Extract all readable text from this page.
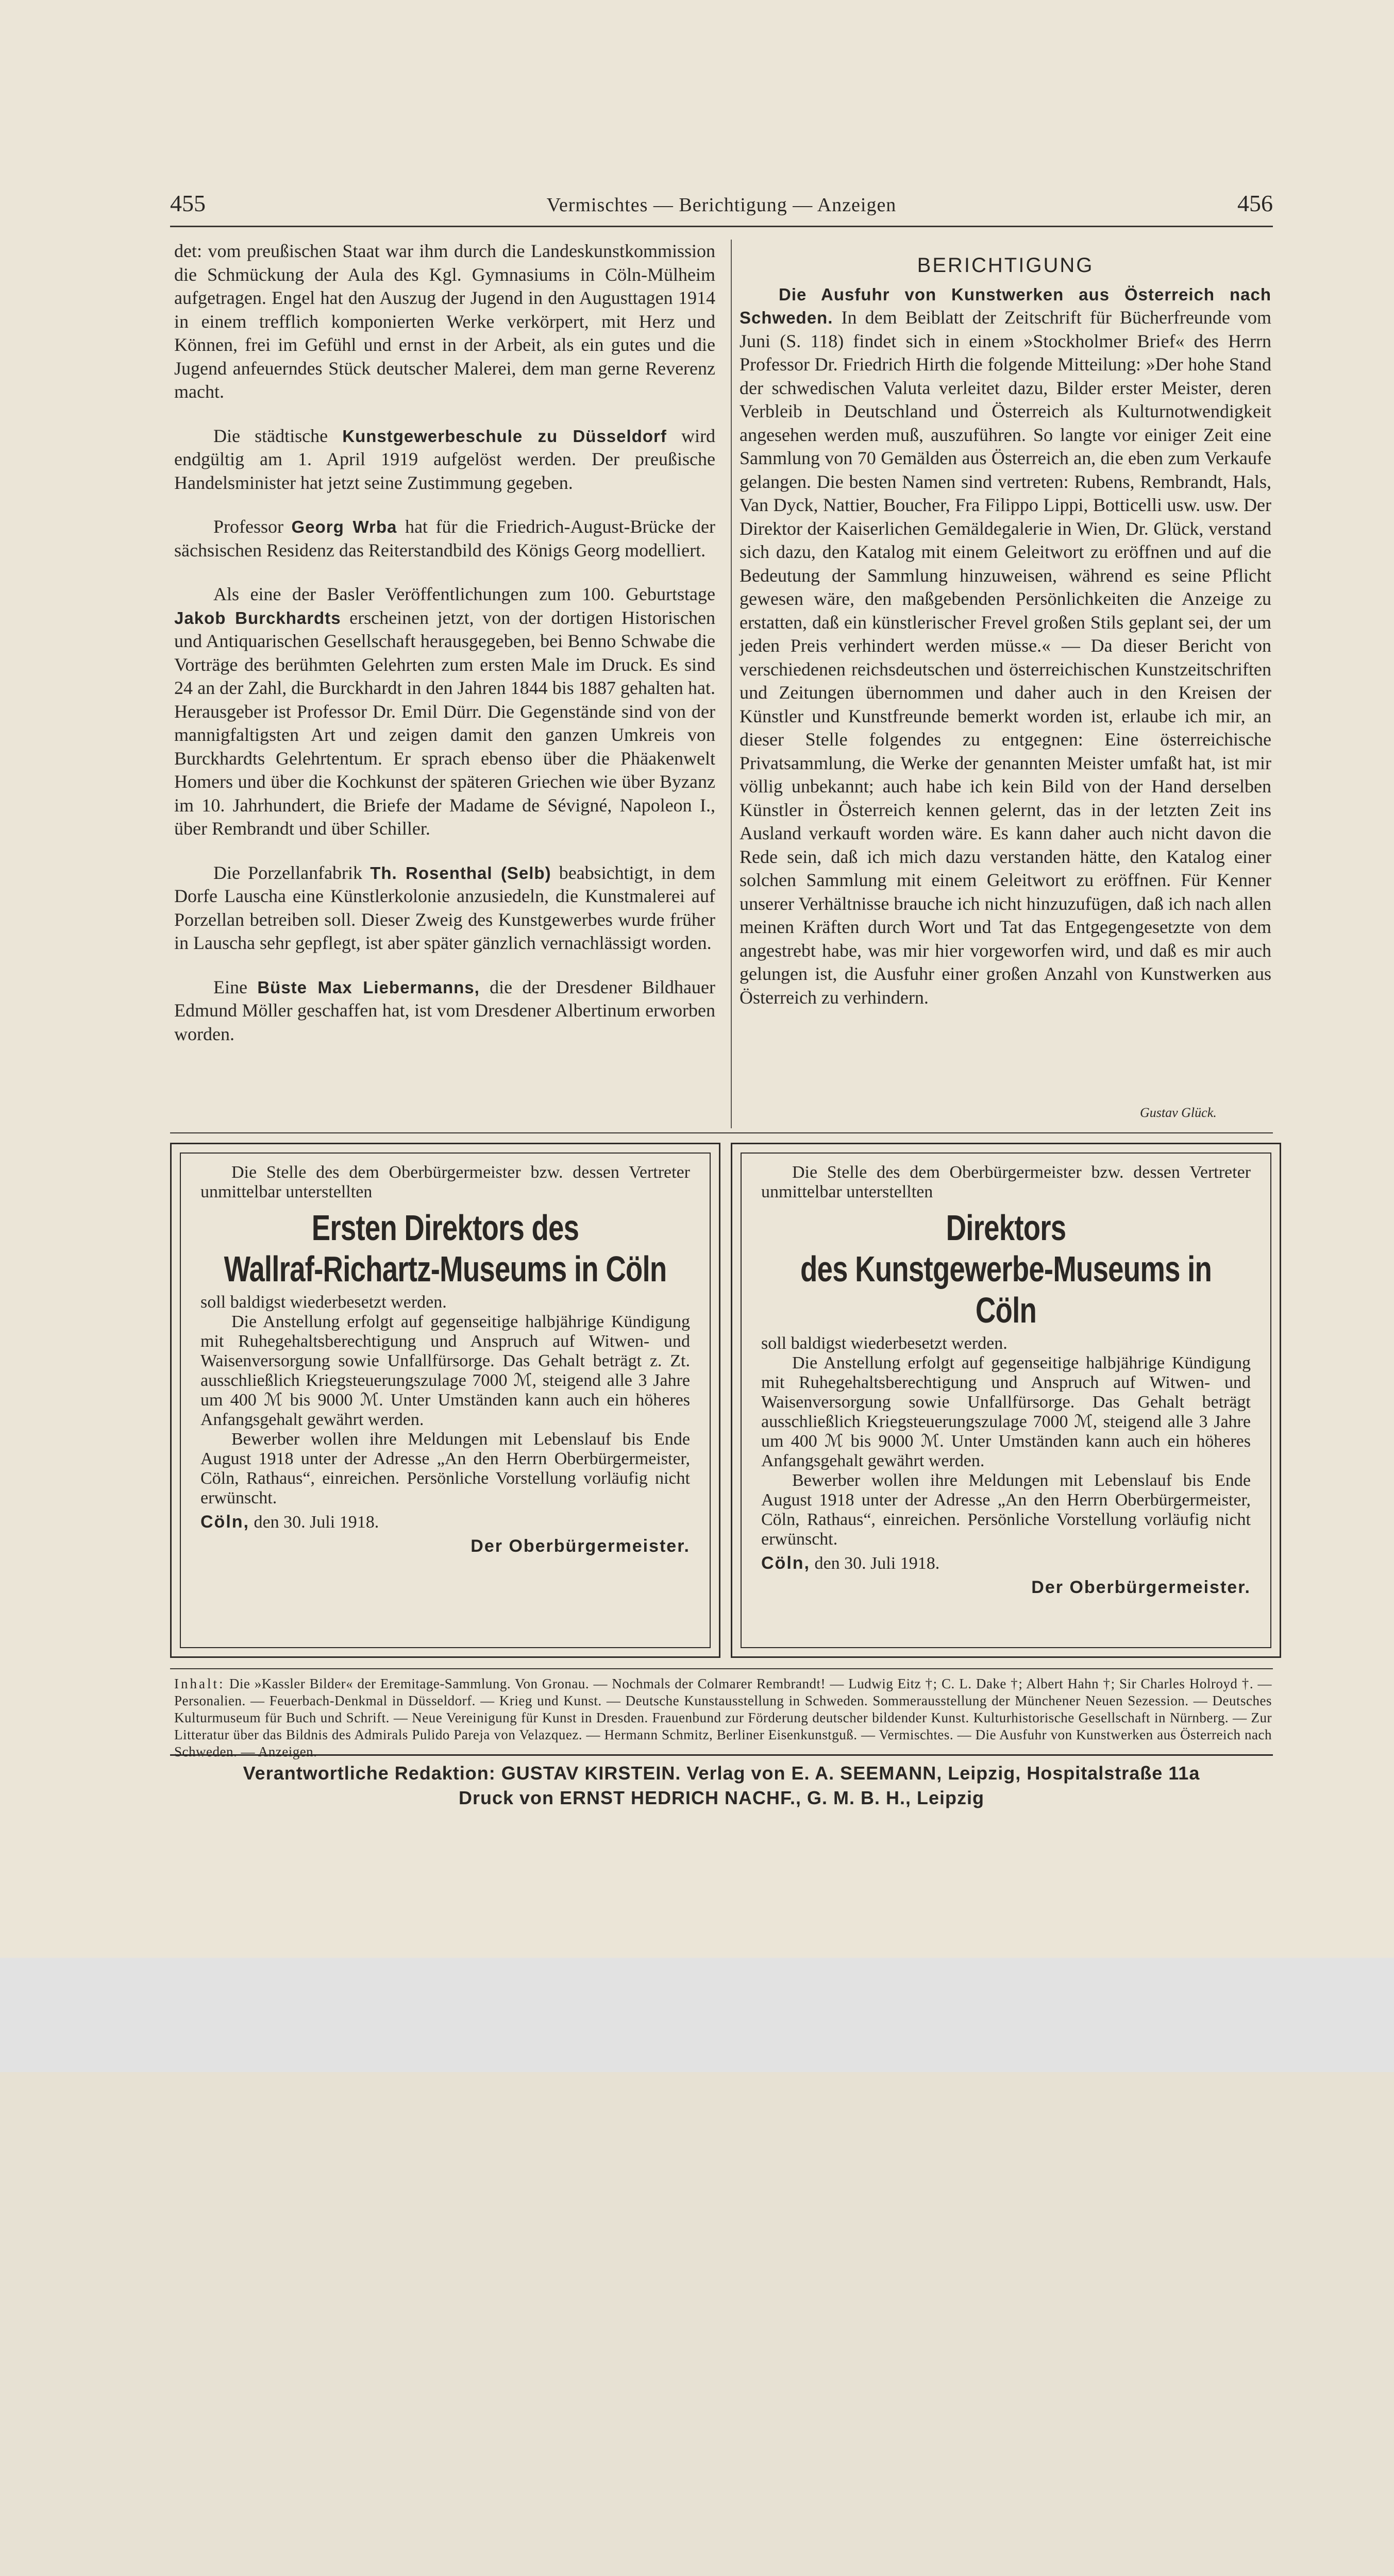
455	Vermischtes — Berichtigung — Anzeigen	456

det: vom preußischen Staat war ihm durch die Landeskunstkommission die Schmückung der Aula des Kgl. Gymnasiums in Cöln-Mülheim aufgetragen. Engel hat den Auszug der Jugend in den Augusttagen 1914 in einem trefflich komponierten Werke verkörpert, mit Herz und Können, frei im Gefühl und ernst in der Arbeit, als ein gutes und die Jugend anfeuerndes Stück deutscher Malerei, dem man gerne Reverenz macht.

Die städtische Kunstgewerbeschule zu Düsseldorf wird endgültig am 1. April 1919 aufgelöst werden. Der preußische Handelsminister hat jetzt seine Zustimmung gegeben.

Professor Georg Wrba hat für die Friedrich-August-Brücke der sächsischen Residenz das Reiterstandbild des Königs Georg modelliert.

Als eine der Basler Veröffentlichungen zum 100. Geburtstage Jakob Burckhardts erscheinen jetzt, von der dortigen Historischen und Antiquarischen Gesellschaft herausgegeben, bei Benno Schwabe die Vorträge des berühmten Gelehrten zum ersten Male im Druck. Es sind 24 an der Zahl, die Burckhardt in den Jahren 1844 bis 1887 gehalten hat. Herausgeber ist Professor Dr. Emil Dürr. Die Gegenstände sind von der mannigfaltigsten Art und zeigen damit den ganzen Umkreis von Burckhardts Gelehrtentum. Er sprach ebenso über die Phäakenwelt Homers und über die Kochkunst der späteren Griechen wie über Byzanz im 10. Jahrhundert, die Briefe der Madame de Sévigné, Napoleon I., über Rembrandt und über Schiller.

Die Porzellanfabrik Th. Rosenthal (Selb) beabsichtigt, in dem Dorfe Lauscha eine Künstlerkolonie anzusiedeln, die Kunstmalerei auf Porzellan betreiben soll. Dieser Zweig des Kunstgewerbes wurde früher in Lauscha sehr gepflegt, ist aber später gänzlich vernachlässigt worden.

Eine Büste Max Liebermanns, die der Dresdener Bildhauer Edmund Möller geschaffen hat, ist vom Dresdener Albertinum erworben worden.

BERICHTIGUNG

Die Ausfuhr von Kunstwerken aus Österreich nach Schweden. In dem Beiblatt der Zeitschrift für Bücherfreunde vom Juni (S. 118) findet sich in einem »Stockholmer Brief« des Herrn Professor Dr. Friedrich Hirth die folgende Mitteilung: »Der hohe Stand der schwedischen Valuta verleitet dazu, Bilder erster Meister, deren Verbleib in Deutschland und Österreich als Kulturnotwendigkeit angesehen werden muß, auszuführen. So langte vor einiger Zeit eine Sammlung von 70 Gemälden aus Österreich an, die eben zum Verkaufe gelangen. Die besten Namen sind vertreten: Rubens, Rembrandt, Hals, Van Dyck, Nattier, Boucher, Fra Filippo Lippi, Botticelli usw. usw. Der Direktor der Kaiserlichen Gemäldegalerie in Wien, Dr. Glück, verstand sich dazu, den Katalog mit einem Geleitwort zu eröffnen und auf die Bedeutung der Sammlung hinzuweisen, während es seine Pflicht gewesen wäre, den maßgebenden Persönlichkeiten die Anzeige zu erstatten, daß ein künstlerischer Frevel großen Stils geplant sei, der um jeden Preis verhindert werden müsse.« — Da dieser Bericht von verschiedenen reichsdeutschen und österreichischen Kunstzeitschriften und Zeitungen übernommen und daher auch in den Kreisen der Künstler und Kunstfreunde bemerkt worden ist, erlaube ich mir, an dieser Stelle folgendes zu entgegnen: Eine österreichische Privatsammlung, die Werke der genannten Meister umfaßt hat, ist mir völlig unbekannt; auch habe ich kein Bild von der Hand derselben Künstler in Österreich kennen gelernt, das in der letzten Zeit ins Ausland verkauft worden wäre. Es kann daher auch nicht davon die Rede sein, daß ich mich dazu verstanden hätte, den Katalog einer solchen Sammlung mit einem Geleitwort zu eröffnen. Für Kenner unserer Verhältnisse brauche ich nicht hinzuzufügen, daß ich nach allen meinen Kräften durch Wort und Tat das Entgegengesetzte von dem angestrebt habe, was mir hier vorgeworfen wird, und daß es mir auch gelungen ist, die Ausfuhr einer großen Anzahl von Kunstwerken aus Österreich zu verhindern.

Gustav Glück.

Die Stelle des dem Oberbürgermeister bzw. dessen Vertreter unmittelbar unterstellten

Ersten Direktors des
Wallraf-Richartz-Museums in Cöln

soll baldigst wiederbesetzt werden.

Die Anstellung erfolgt auf gegenseitige halbjährige Kündigung mit Ruhegehaltsberechtigung und Anspruch auf Witwen- und Waisenversorgung sowie Unfallfürsorge. Das Gehalt beträgt z. Zt. ausschließlich Kriegsteuerungszulage 7000 ℳ, steigend alle 3 Jahre um 400 ℳ bis 9000 ℳ. Unter Umständen kann auch ein höheres Anfangsgehalt gewährt werden.

Bewerber wollen ihre Meldungen mit Lebenslauf bis Ende August 1918 unter der Adresse „An den Herrn Oberbürgermeister, Cöln, Rathaus“, einreichen. Persönliche Vorstellung vorläufig nicht erwünscht.

Cöln, den 30. Juli 1918.

Der Oberbürgermeister.

Die Stelle des dem Oberbürgermeister bzw. dessen Vertreter unmittelbar unterstellten

Direktors
des Kunstgewerbe-Museums in Cöln

soll baldigst wiederbesetzt werden.

Die Anstellung erfolgt auf gegenseitige halbjährige Kündigung mit Ruhegehaltsberechtigung und Anspruch auf Witwen- und Waisenversorgung sowie Unfallfürsorge. Das Gehalt beträgt ausschließlich Kriegsteuerungszulage 7000 ℳ, steigend alle 3 Jahre um 400 ℳ bis 9000 ℳ. Unter Umständen kann auch ein höheres Anfangsgehalt gewährt werden.

Bewerber wollen ihre Meldungen mit Lebenslauf bis Ende August 1918 unter der Adresse „An den Herrn Oberbürgermeister, Cöln, Rathaus“, einreichen. Persönliche Vorstellung vorläufig nicht erwünscht.

Cöln, den 30. Juli 1918.

Der Oberbürgermeister.

Inhalt: Die »Kassler Bilder« der Eremitage-Sammlung. Von Gronau. — Nochmals der Colmarer Rembrandt! — Ludwig Eitz †; C. L. Dake †; Albert Hahn †; Sir Charles Holroyd †. — Personalien. — Feuerbach-Denkmal in Düsseldorf. — Krieg und Kunst. — Deutsche Kunstausstellung in Schweden. Sommerausstellung der Münchener Neuen Sezession. — Deutsches Kulturmuseum für Buch und Schrift. — Neue Vereinigung für Kunst in Dresden. Frauenbund zur Förderung deutscher bildender Kunst. Kulturhistorische Gesellschaft in Nürnberg. — Zur Litteratur über das Bildnis des Admirals Pulido Pareja von Velazquez. — Hermann Schmitz, Berliner Eisenkunstguß. — Vermischtes. — Die Ausfuhr von Kunstwerken aus Österreich nach Schweden. — Anzeigen.
Verantwortliche Redaktion: GUSTAV KIRSTEIN. Verlag von E. A. SEEMANN, Leipzig, Hospitalstraße 11a
Druck von ERNST HEDRICH NACHF., G. M. B. H., Leipzig
